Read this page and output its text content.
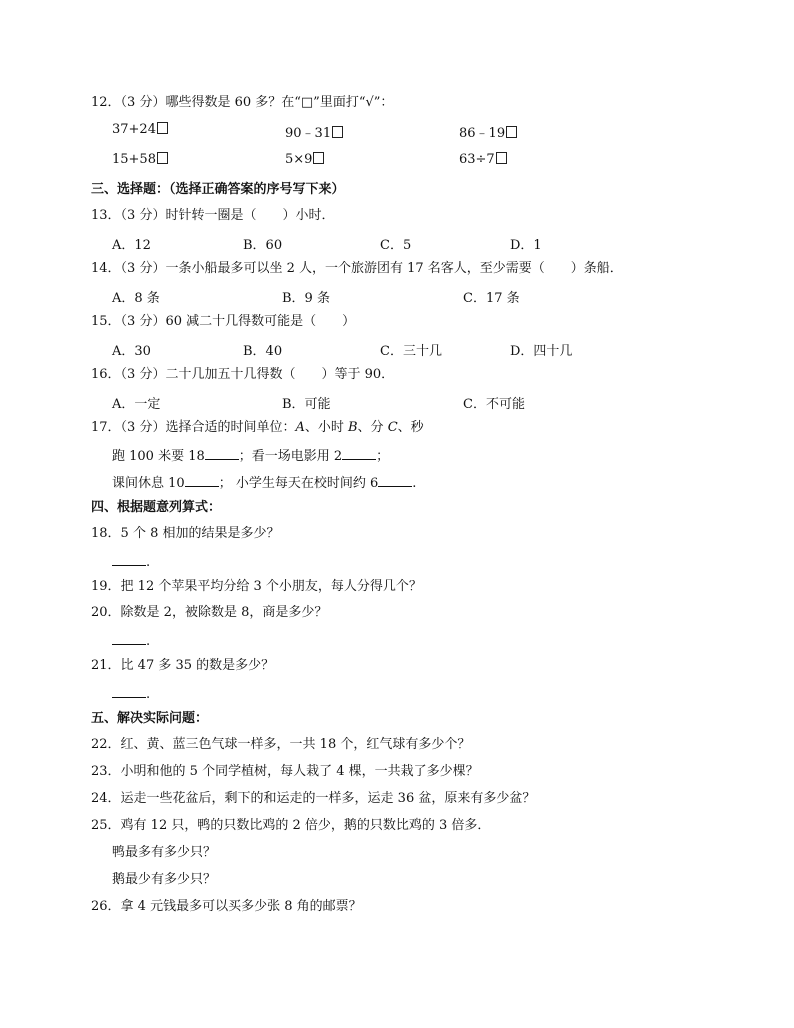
12．（3 分）哪些得数是 60 多？在“□”里面打“√”：
37+24	90﹣31	86﹣19
15+58	5×9	63÷7
三、选择题：（选择正确答案的序号写下来）
13．（3 分）时针转一圈是（　　）小时．
A．12	B．60	C．5	D．1
14．（3 分）一条小船最多可以坐 2 人，一个旅游团有 17 名客人，至少需要（　　）条船．
A．8 条	B．9 条	C．17 条
15．（3 分）60 减二十几得数可能是（　　）
A．30	B．40	C．三十几	D．四十几
16．（3 分）二十几加五十几得数（　　）等于 90．
A．一定	B．可能	C．不可能
17．（3 分）选择合适的时间单位：A、小时 B、分 C、秒
跑 100 米要 18	；看一场电影用 2	；
课间休息 10	； 小学生每天在校时间约 6	.
四、根据题意列算式：
18．5 个 8 相加的结果是多少？
.
19．把 12 个苹果平均分给 3 个小朋友，每人分得几个？
20．除数是 2，被除数是 8，商是多少？
.
21．比 47 多 35 的数是多少？
.
五、解决实际问题：
22．红、黄、蓝三色气球一样多，一共 18 个，红气球有多少个？
23．小明和他的 5 个同学植树，每人栽了 4 棵，一共栽了多少棵？
24．运走一些花盆后，剩下的和运走的一样多，运走 36 盆，原来有多少盆？
25．鸡有 12 只，鸭的只数比鸡的 2 倍少，鹅的只数比鸡的 3 倍多．
鸭最多有多少只？
鹅最少有多少只？
26．拿 4 元钱最多可以买多少张 8 角的邮票？
